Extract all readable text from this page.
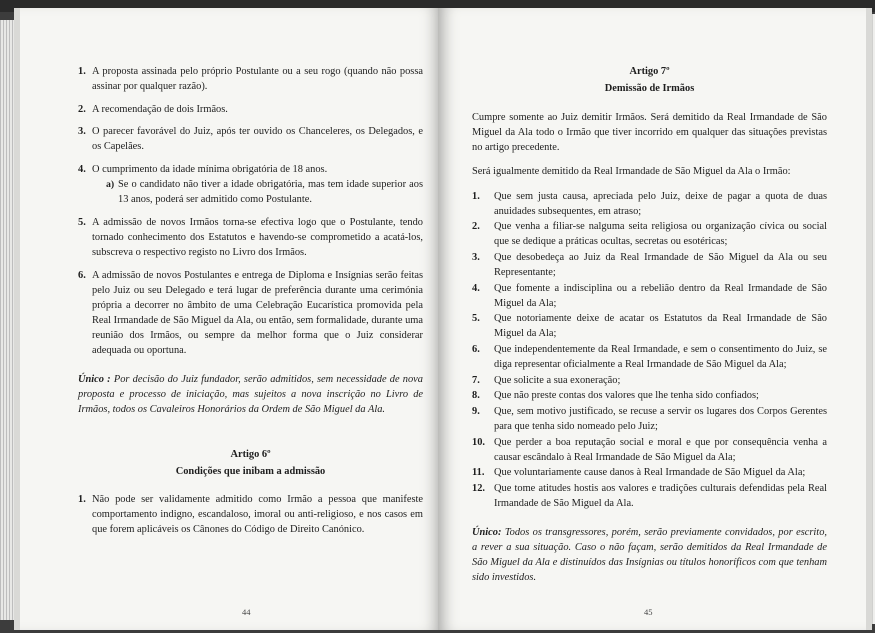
1. A proposta assinada pelo próprio Postulante ou a seu rogo (quando não possa assinar por qualquer razão).
2. A recomendação de dois Irmãos.
3. O parecer favorável do Juiz, após ter ouvido os Chanceleres, os Delegados, e os Capelães.
4. O cumprimento da idade mínima obrigatória de 18 anos.
a) Se o candidato não tiver a idade obrigatória, mas tem idade superior aos 13 anos, poderá ser admitido como Postulante.
5. A admissão de novos Irmãos torna-se efectiva logo que o Postulante, tendo tornado conhecimento dos Estatutos e havendo-se comprometido a acatá-los, subscreva o respectivo registo no Livro dos Irmãos.
6. A admissão de novos Postulantes e entrega de Diploma e Insígnias serão feitas pelo Juiz ou seu Delegado e terá lugar de preferência durante uma cerimónia própria a decorrer no âmbito de uma Celebração Eucarística promovida pela Real Irmandade de São Miguel da Ala, ou então, sem formalidade, durante uma reunião dos Irmãos, ou sempre da melhor forma que o Juiz considerar adequada ou oportuna.
Único : Por decisão do Juiz fundador, serão admitidos, sem necessidade de nova proposta e processo de iniciação, mas sujeitos a nova inscrição no Livro de Irmãos, todos os Cavaleiros Honorários da Ordem de São Miguel da Ala.

Artigo 6º

Condições que inibam a admissão

1. Não pode ser validamente admitido como Irmão a pessoa que manifeste comportamento indigno, escandaloso, imoral ou anti-religioso, e nos casos em que forem aplicáveis os Cânones do Código de Direito Canónico.
44

Artigo 7º

Demissão de Irmãos

Cumpre somente ao Juiz demitir Irmãos. Será demitido da Real Irmandade de São Miguel da Ala todo o Irmão que tiver incorrido em qualquer das situações previstas no artigo precedente.
Será igualmente demitido da Real Irmandade de São Miguel da Ala o Irmão:
1. Que sem justa causa, apreciada pelo Juiz, deixe de pagar a quota de duas anuidades subsequentes, em atraso;
2. Que venha a filiar-se nalguma seita religiosa ou organização cívica ou social que se dedique a práticas ocultas, secretas ou esotéricas;
3. Que desobedeça ao Juiz da Real Irmandade de São Miguel da Ala ou seu Representante;
4. Que fomente a indisciplina ou a rebelião dentro da Real Irmandade de São Miguel da Ala;
5. Que notoriamente deixe de acatar os Estatutos da Real Irmandade de São Miguel da Ala;
6. Que independentemente da Real Irmandade, e sem o consentimento do Juiz, se diga representar oficialmente a Real Irmandade de São Miguel da Ala;
7. Que solicite a sua exoneração;
8. Que não preste contas dos valores que lhe tenha sido confiados;
9. Que, sem motivo justificado, se recuse a servir os lugares dos Corpos Gerentes para que tenha sido nomeado pelo Juiz;
10. Que perder a boa reputação social e moral e que por consequência venha a causar escândalo à Real Irmandade de São Miguel da Ala;
11. Que voluntariamente cause danos à Real Irmandade de São Miguel da Ala;
12. Que tome atitudes hostis aos valores e tradições culturais defendidas pela Real Irmandade de São Miguel da Ala.
Único: Todos os transgressores, porém, serão previamente convidados, por escrito, a rever a sua situação. Caso o não façam, serão demitidos da Real Irmandade de São Miguel da Ala e distinuídos das Insígnias ou títulos honoríficos com que tenham sido investidos.
45
